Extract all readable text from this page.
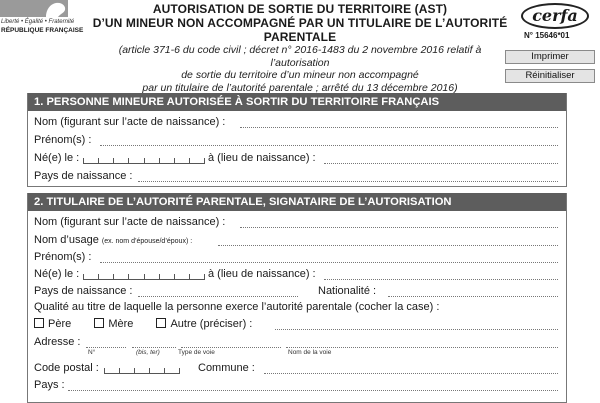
Liberté • Égalité • Fraternité
RÉPUBLIQUE FRANÇAISE
AUTORISATION DE SORTIE DU TERRITOIRE (AST)
D’UN MINEUR NON ACCOMPAGNÉ PAR UN TITULAIRE DE L’AUTORITÉ PARENTALE
(article 371-6 du code civil ; décret n° 2016-1483 du 2 novembre 2016 relatif à l’autorisation
de sortie du territoire d’un mineur non accompagné
par un titulaire de l’autorité parentale ; arrêté du 13 décembre 2016)
cerfa
N° 15646*01
Imprimer
Réinitialiser
1. PERSONNE MINEURE AUTORISÉE À SORTIR DU TERRITOIRE FRANÇAIS
Nom (figurant sur l’acte de naissance) :
Prénom(s) :
Né(e) le :	à (lieu de naissance) :
Pays de naissance :
2. TITULAIRE DE L’AUTORITÉ PARENTALE, SIGNATAIRE DE L’AUTORISATION
Nom (figurant sur l’acte de naissance) :
Nom d’usage (ex. nom d’épouse/d’époux) :
Prénom(s) :
Né(e) le :	à (lieu de naissance) :
Pays de naissance :	Nationalité :
Qualité au titre de laquelle la personne exerce l’autorité parentale (cocher la case) :
Père	Mère	Autre (préciser) :
Adresse :
N°	(bis, ter)	Type de voie	Nom de la voie
Code postal :	Commune :
Pays :
